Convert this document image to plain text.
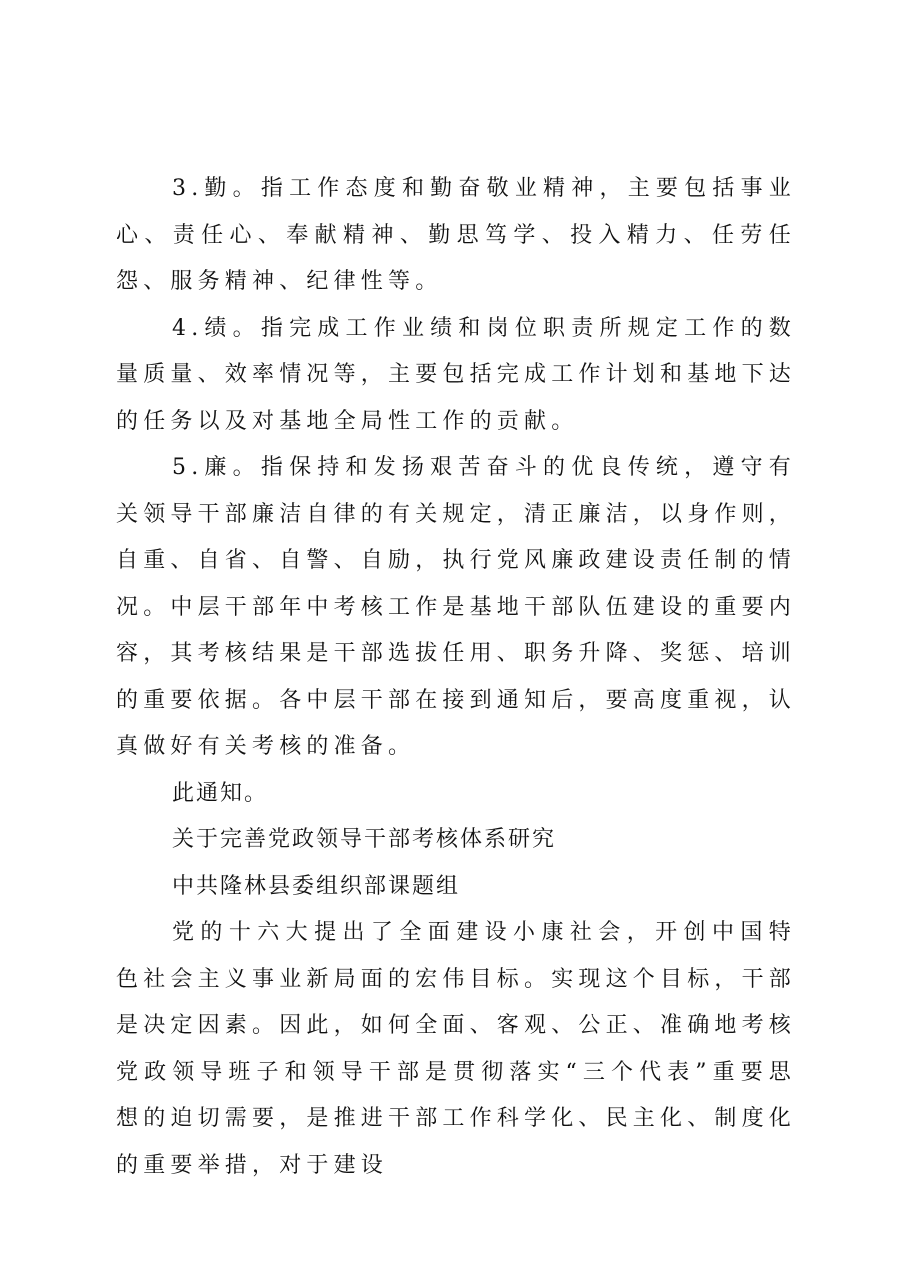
3.勤。指工作态度和勤奋敬业精神，主要包括事业心、责任心、奉献精神、勤思笃学、投入精力、任劳任怨、服务精神、纪律性等。

4.绩。指完成工作业绩和岗位职责所规定工作的数量质量、效率情况等，主要包括完成工作计划和基地下达的任务以及对基地全局性工作的贡献。

5.廉。指保持和发扬艰苦奋斗的优良传统，遵守有关领导干部廉洁自律的有关规定，清正廉洁，以身作则，自重、自省、自警、自励，执行党风廉政建设责任制的情况。中层干部年中考核工作是基地干部队伍建设的重要内容，其考核结果是干部选拔任用、职务升降、奖惩、培训的重要依据。各中层干部在接到通知后，要高度重视，认真做好有关考核的准备。

此通知。

关于完善党政领导干部考核体系研究

中共隆林县委组织部课题组

党的十六大提出了全面建设小康社会，开创中国特色社会主义事业新局面的宏伟目标。实现这个目标，干部是决定因素。因此，如何全面、客观、公正、准确地考核党政领导班子和领导干部是贯彻落实“三个代表”重要思想的迫切需要，是推进干部工作科学化、民主化、制度化的重要举措，对于建设
